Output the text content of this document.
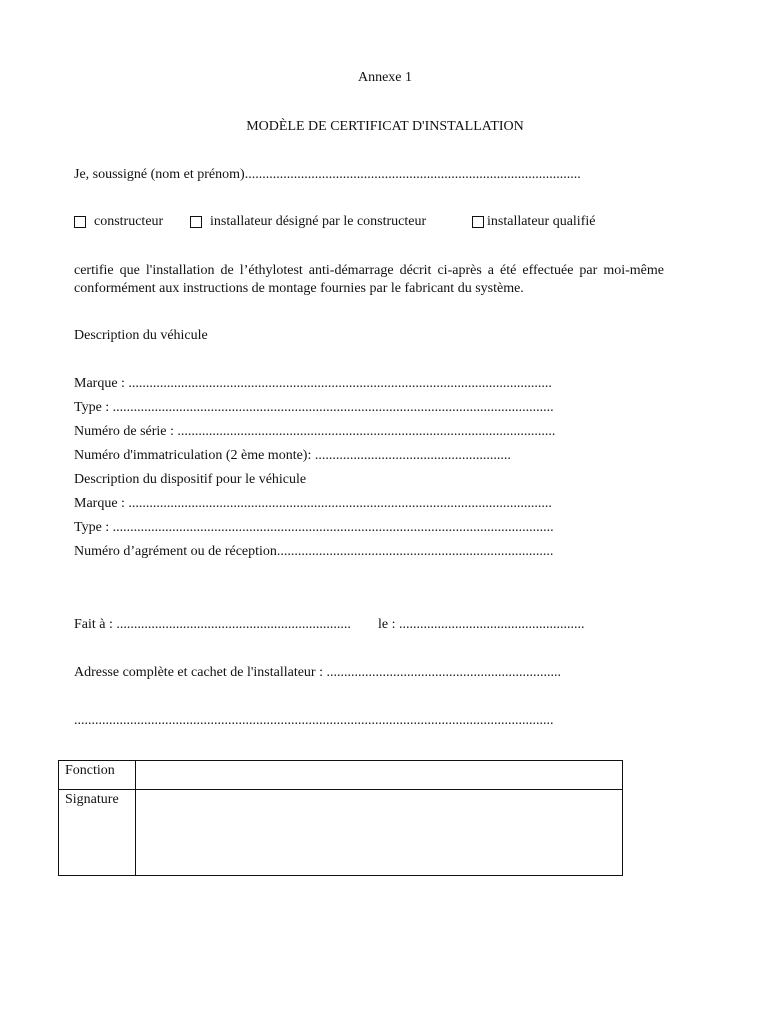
Annexe 1
MODÈLE DE CERTIFICAT D'INSTALLATION
Je, soussigné (nom et prénom)................................................................................................
constructeur	installateur désigné par le constructeur	installateur qualifié
certifie que l'installation de l’éthylotest anti-démarrage décrit ci-après a été effectuée par moi-même conformément aux instructions de montage fournies par le fabricant du système.
Description du véhicule
Marque : .........................................................................................................................
Type : ..............................................................................................................................
Numéro de série : ............................................................................................................
Numéro d'immatriculation (2 ème monte): ........................................................
Description du dispositif pour le véhicule
Marque : .........................................................................................................................
Type : ..............................................................................................................................
Numéro d’agrément ou de réception...............................................................................
Fait à : ................................................................... le : .....................................................
Adresse complète et cachet de l'installateur : ...................................................................
.........................................................................................................................................
Fonction	
Signature	
